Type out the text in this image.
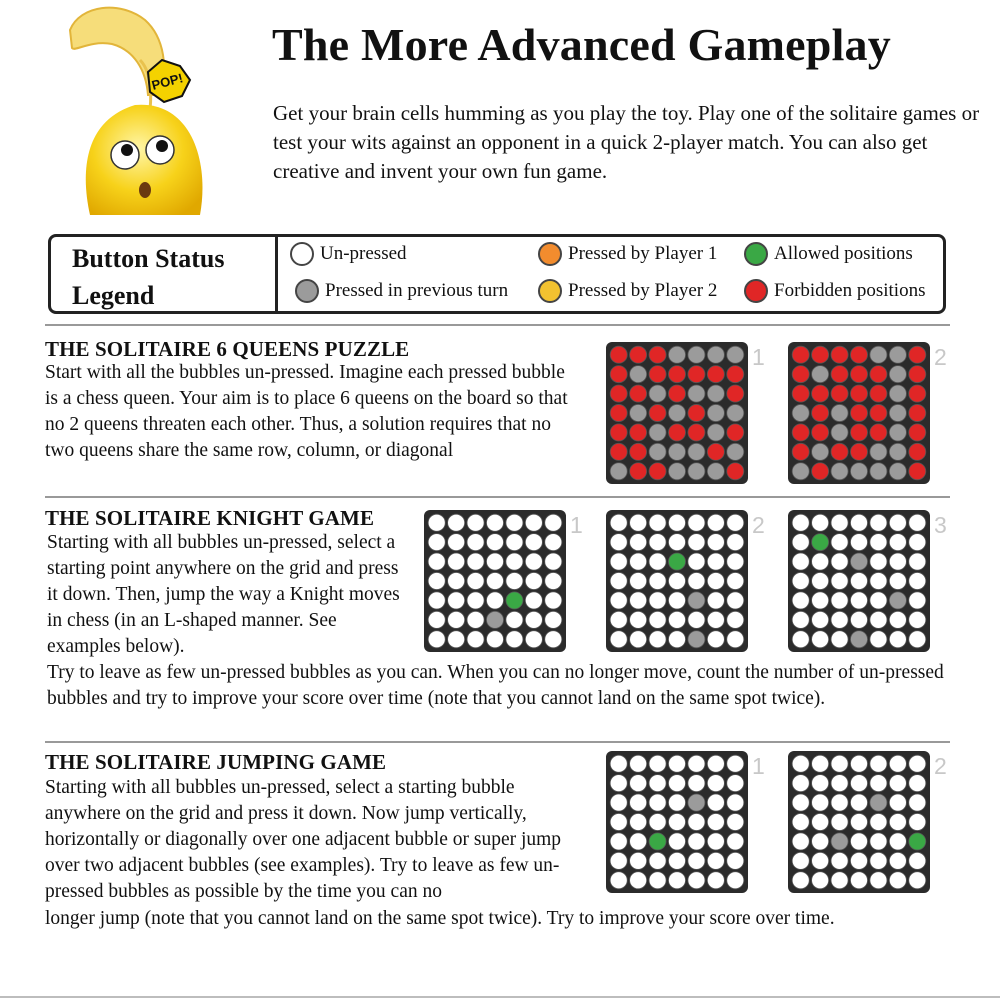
POP!
The More Advanced Gameplay
Get your brain cells humming as you play the toy. Play one of the solitaire games or test your wits against an opponent in a quick 2-player match. You can also get creative and invent your own fun game.
Button Status
Legend
Un-pressed
Pressed in previous turn
Pressed by Player 1
Pressed by Player 2
Allowed positions
Forbidden positions
THE SOLITAIRE 6 QUEENS PUZZLE
Start with all the bubbles un-pressed. Imagine each pressed bubble is a chess queen. Your aim is to place 6 queens on the board so that no 2 queens threaten each other. Thus, a solution requires that no two queens share the same row, column, or diagonal
1	2
THE SOLITAIRE KNIGHT GAME
Starting with all bubbles un-pressed, select a starting point anywhere on the grid and press it down. Then, jump the way a Knight moves in chess (in an L-shaped manner. See examples below).
Try to leave as few un-pressed bubbles as you can. When you can no longer move, count the number of un-pressed bubbles and try to improve your score over time (note that you cannot land on the same spot twice).
1	2	3
THE SOLITAIRE JUMPING GAME
Starting with all bubbles un-pressed, select a starting bubble anywhere on the grid and press it down. Now jump vertically, horizontally or diagonally over one adjacent bubble or super jump over two adjacent bubbles (see examples). Try to leave as few un-pressed bubbles as possible by the time you can no
longer jump (note that you cannot land on the same spot twice). Try to improve your score over time.
1	2
